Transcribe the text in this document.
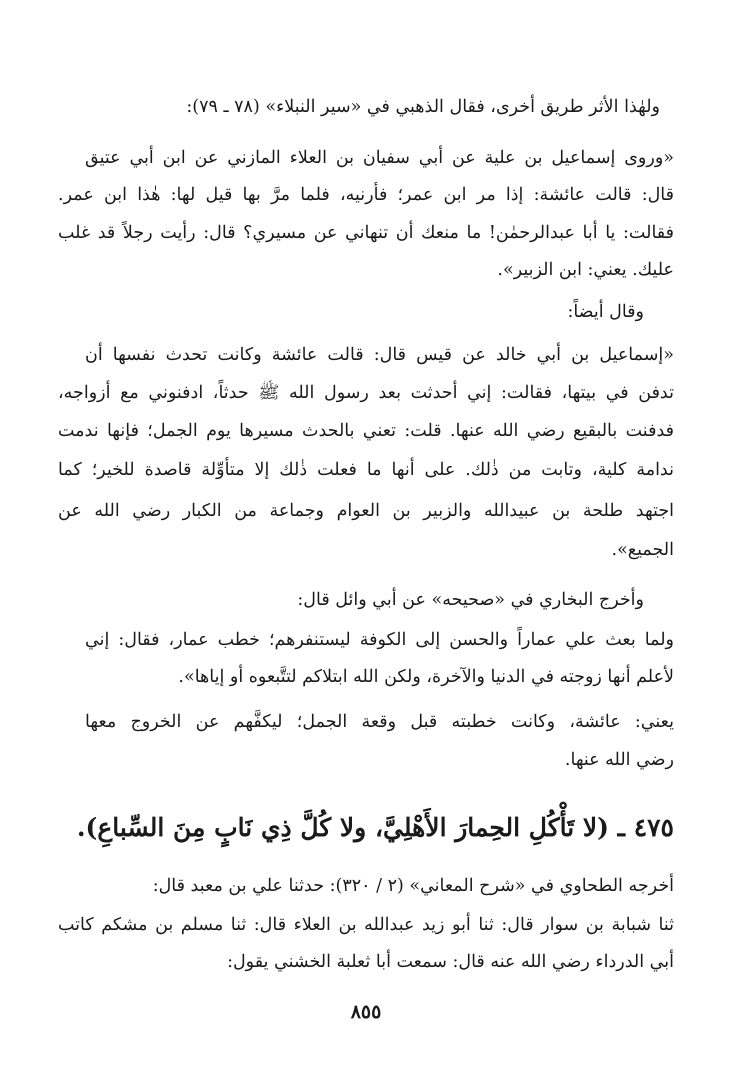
ولهٰذا الأثر طريق أخرى، فقال الذهبي في «سير النبلاء» (٧٨ ـ ٧٩):
«وروى إسماعيل بن علية عن أبي سفيان بن العلاء المازني عن ابن أبي عتيق
قال: قالت عائشة: إذا مر ابن عمر؛ فأرنيه، فلما مرَّ بها قيل لها: هٰذا ابن عمر.
فقالت: يا أبا عبدالرحمٰن! ما منعك أن تنهاني عن مسيري؟ قال: رأيت رجلاً قد غلب
عليك. يعني: ابن الزبير».
وقال أيضاً:
«إسماعيل بن أبي خالد عن قيس قال: قالت عائشة وكانت تحدث نفسها أن
تدفن في بيتها، فقالت: إني أحدثت بعد رسول الله ﷺ حدثاً، ادفنوني مع أزواجه،
فدفنت بالبقيع رضي الله عنها. قلت: تعني بالحدث مسيرها يوم الجمل؛ فإنها ندمت
ندامة كلية، وتابت من ذٰلك. على أنها ما فعلت ذٰلك إلا متأوِّلة قاصدة للخير؛ كما
اجتهد طلحة بن عبيدالله والزبير بن العوام وجماعة من الكبار رضي الله عن
الجميع».
وأخرج البخاري في «صحيحه» عن أبي وائل قال:
ولما بعث علي عماراً والحسن إلى الكوفة ليستنفرهم؛ خطب عمار، فقال: إني
لأعلم أنها زوجته في الدنيا والآخرة، ولكن الله ابتلاكم لتتَّبعوه أو إياها».
يعني: عائشة، وكانت خطبته قبل وقعة الجمل؛ ليكفَّهم عن الخروج معها
رضي الله عنها.
٤٧٥ ـ (لا تَأْكُلِ الحِمارَ الأَهْلِيَّ، ولا كُلَّ ذِي نَابٍ مِنَ السِّباعِ).
أخرجه الطحاوي في «شرح المعاني» (٢ / ٣٢٠): حدثنا علي بن معبد قال:
ثنا شبابة بن سوار قال: ثنا أبو زيد عبدالله بن العلاء قال: ثنا مسلم بن مشكم كاتب
أبي الدرداء رضي الله عنه قال: سمعت أبا ثعلبة الخشني يقول:
٨٥٥
